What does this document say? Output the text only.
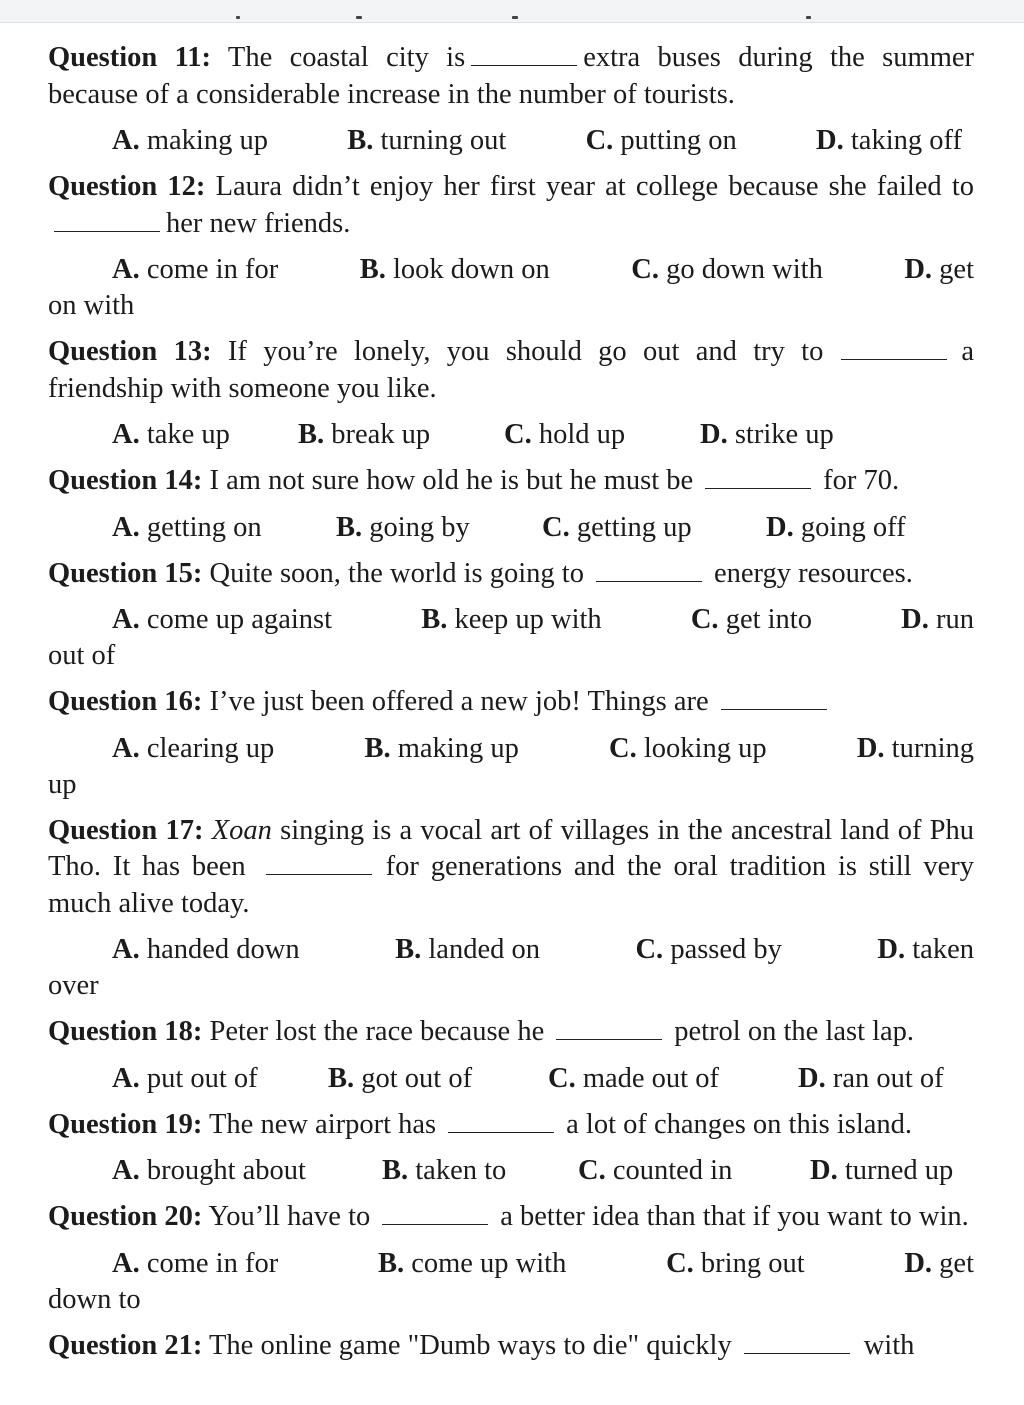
Question 11: The coastal city is	extra buses during the summer because of a considerable increase in the number of tourists.

A. making up	B. turning out	C. putting on	D. taking off

Question 12: Laura didn’t enjoy her first year at college because she failed toher new friends.

A. come in for	B. look down on	C. go down with	D. get
on with

Question 13: If you’re lonely, you should go out and try to	a friendship with someone you like.

A. take up	B. break up	C. hold up	D. strike up

Question 14: I am not sure how old he is but he must be	for 70.

A. getting on	B. going by	C. getting up	D. going off

Question 15: Quite soon, the world is going to	energy resources.

A. come up against	B. keep up with	C. get into	D. run
out of

Question 16: I’ve just been offered a new job! Things are

A. clearing up	B. making up	C. looking up	D. turning
up

Question 17: Xoan singing is a vocal art of villages in the ancestral land of Phu Tho. It has been	for generations and the oral tradition is still very much alive today.

A. handed down	B. landed on	C. passed by	D. taken
over

Question 18: Peter lost the race because he	petrol on the last lap.

A. put out of	B. got out of	C. made out of	D. ran out of

Question 19: The new airport has	a lot of changes on this island.

A. brought about	B. taken to	C. counted in	D. turned up

Question 20: You’ll have to	a better idea than that if you want to win.

A. come in for	B. come up with	C. bring out	D. get
down to

Question 21: The online game "Dumb ways to die" quickly	with
